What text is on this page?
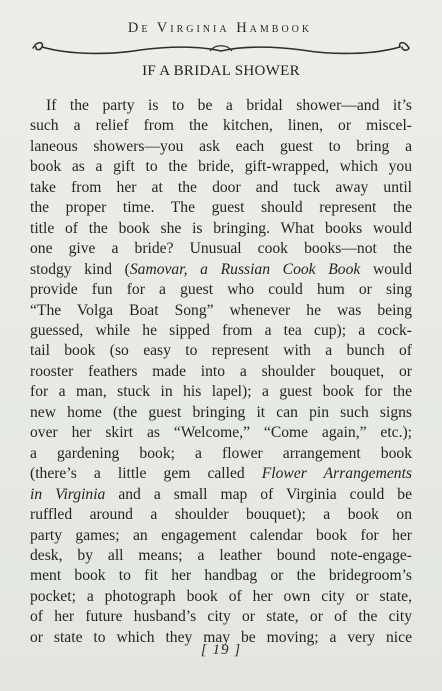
De Virginia Hambook
IF A BRIDAL SHOWER
If the party is to be a bridal shower—and it’s
such a relief from the kitchen, linen, or miscel-
laneous showers—you ask each guest to bring a
book as a gift to the bride, gift-wrapped, which you
take from her at the door and tuck away until
the proper time. The guest should represent the
title of the book she is bringing. What books would
one give a bride? Unusual cook books—not the
stodgy kind (Samovar, a Russian Cook Book would
provide fun for a guest who could hum or sing
“The Volga Boat Song” whenever he was being
guessed, while he sipped from a tea cup); a cock-
tail book (so easy to represent with a bunch of
rooster feathers made into a shoulder bouquet, or
for a man, stuck in his lapel); a guest book for the
new home (the guest bringing it can pin such signs
over her skirt as “Welcome,” “Come again,” etc.);
a gardening book; a flower arrangement book
(there’s a little gem called Flower Arrangements
in Virginia and a small map of Virginia could be
ruffled around a shoulder bouquet); a book on
party games; an engagement calendar book for her
desk, by all means; a leather bound note-engage-
ment book to fit her handbag or the bridegroom’s
pocket; a photograph book of her own city or state,
of her future husband’s city or state, or of the city
or state to which they may be moving; a very nice
[ 19 ]
